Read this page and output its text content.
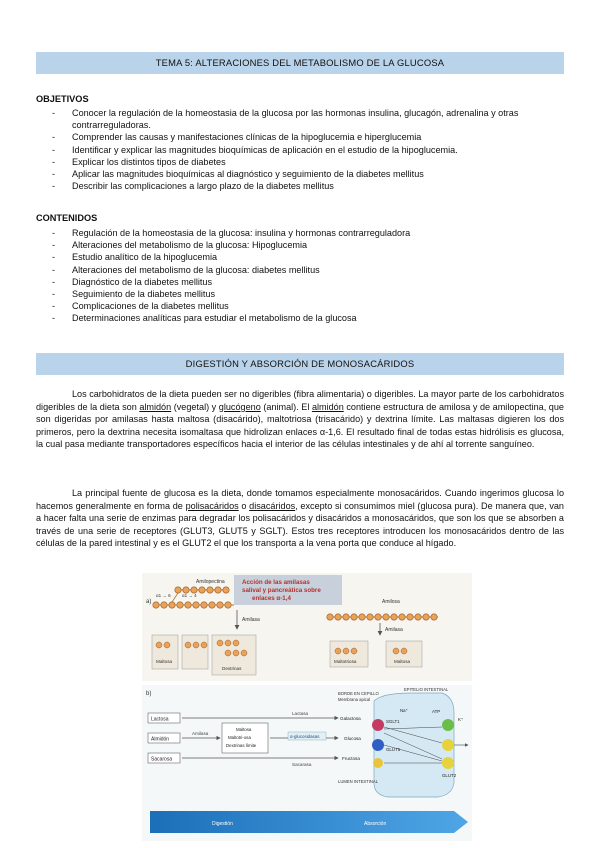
TEMA 5: ALTERACIONES DEL METABOLISMO DE LA GLUCOSA
OBJETIVOS
- Conocer la regulación de la homeostasia de la glucosa por las hormonas insulina, glucagón, adrenalina y otras contrarreguladoras.
- Comprender las causas y manifestaciones clínicas de la hipoglucemia e hiperglucemia
- Identificar y explicar las magnitudes bioquímicas de aplicación en el estudio de la hipoglucemia.
- Explicar los distintos tipos de diabetes
- Aplicar las magnitudes bioquímicas al diagnóstico y seguimiento de la diabetes mellitus
- Describir las complicaciones a largo plazo de la diabetes mellitus
CONTENIDOS
- Regulación de la homeostasia de la glucosa: insulina y hormonas contrarreguladora
- Alteraciones del metabolismo de la glucosa: Hipoglucemia
- Estudio analítico de la hipoglucemia
- Alteraciones del metabolismo de la glucosa: diabetes mellitus
- Diagnóstico de la diabetes mellitus
- Seguimiento de la diabetes mellitus
- Complicaciones de la diabetes mellitus
- Determinaciones analíticas para estudiar el metabolismo de la glucosa
DIGESTIÓN Y ABSORCIÓN DE MONOSACÁRIDOS

Los carbohidratos de la dieta pueden ser no digeribles (fibra alimentaria) o digeribles. La mayor parte de los carbohidratos digeribles de la dieta son almidón (vegetal) y glucógeno (animal). El almidón contiene estructura de amilosa y de amilopectina, que son digeridas por amilasas hasta maltosa (disacárido), maltotriosa (trisacárido) y dextrina límite. Las maltasas digieren los dos primeros, pero la dextrina necesita isomaltasa que hidrolizan enlaces α-1,6. El resultado final de todas estas hidrólisis es glucosa, la cual pasa mediante transportadores específicos hacia el interior de las células intestinales y de ahí al torrente sanguíneo.

La principal fuente de glucosa es la dieta, donde tomamos especialmente monosacáridos. Cuando ingerimos glucosa lo hacemos generalmente en forma de polisacáridos o disacáridos, excepto si consumimos miel (glucosa pura). De manera que, van a hacer falta una serie de enzimas para degradar los polisacáridos y disacáridos a monosacáridos, que son los que se absorben a través de una serie de receptores (GLUT3, GLUT5 y SGLT). Estos tres receptores introducen los monosacáridos dentro de las células de la pared intestinal y es el GLUT2 el que los transporta a la vena porta que conduce al hígado.

a)
Acción de las amilasas
salival y pancreática sobre
enlaces α-1,4
Amilopectina
α1 → 6	α1 → 4
Amilasa
Maltosa
Dextrinas
Amilosa
Amilasa
Maltotriosa	Maltosa
b)
Lactosa
Almidón
Sacarosa
Amilasa
Maltosa
Maltotri-osa
Dextrinas límite
Lactasa
α-glucosidasas
Sacarasa
BORDE EN CEPILLO
Membrana apical
EPITELIO INTESTINAL
Galactosa
Glucosa
Fructosa
SGLT1
GLUT5
GLUT2
Na⁺
K⁺
ATP
LUMEN INTESTINAL
Digestión	Absorción
